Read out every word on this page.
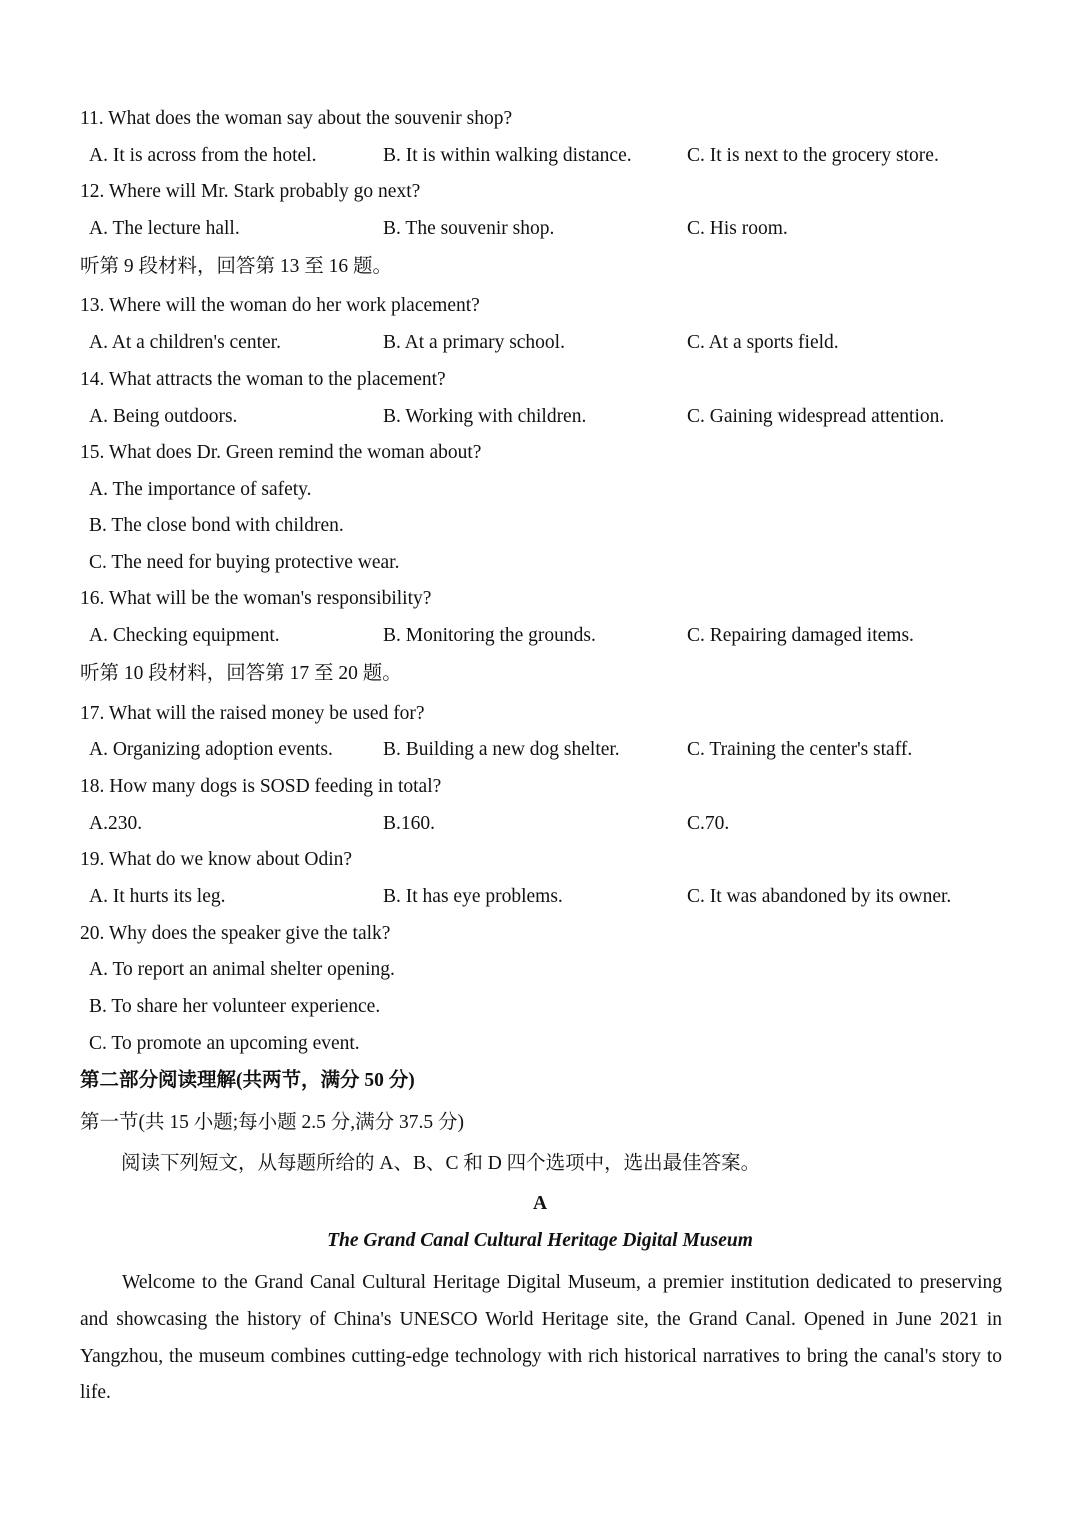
11. What does the woman say about the souvenir shop?
A. It is across from the hotel.	B. It is within walking distance.	C. It is next to the grocery store.
12. Where will Mr. Stark probably go next?
A. The lecture hall.	B. The souvenir shop.	C. His room.
听第 9 段材料，回答第 13 至 16 题。
13. Where will the woman do her work placement?
A. At a children's center.	B. At a primary school.	C. At a sports field.
14. What attracts the woman to the placement?
A. Being outdoors.	B. Working with children.	C. Gaining widespread attention.
15. What does Dr. Green remind the woman about?
A. The importance of safety.
B. The close bond with children.
C. The need for buying protective wear.
16. What will be the woman's responsibility?
A. Checking equipment.	B. Monitoring the grounds.	C. Repairing damaged items.
听第 10 段材料，回答第 17 至 20 题。
17. What will the raised money be used for?
A. Organizing adoption events.	B. Building a new dog shelter.	C. Training the center's staff.
18. How many dogs is SOSD feeding in total?
A.230.	B.160.	C.70.
19. What do we know about Odin?
A. It hurts its leg.	B. It has eye problems.	C. It was abandoned by its owner.
20. Why does the speaker give the talk?
A. To report an animal shelter opening.
B. To share her volunteer experience.
C. To promote an upcoming event.
第二部分阅读理解(共两节，满分 50 分)
第一节(共 15 小题;每小题 2.5 分,满分 37.5 分)
阅读下列短文，从每题所给的 A、B、C 和 D 四个选项中，选出最佳答案。
A
The Grand Canal Cultural Heritage Digital Museum
Welcome to the Grand Canal Cultural Heritage Digital Museum, a premier institution dedicated to preserving and showcasing the history of China's UNESCO World Heritage site, the Grand Canal. Opened in June 2021 in Yangzhou, the museum combines cutting-edge technology with rich historical narratives to bring the canal's story to life.
